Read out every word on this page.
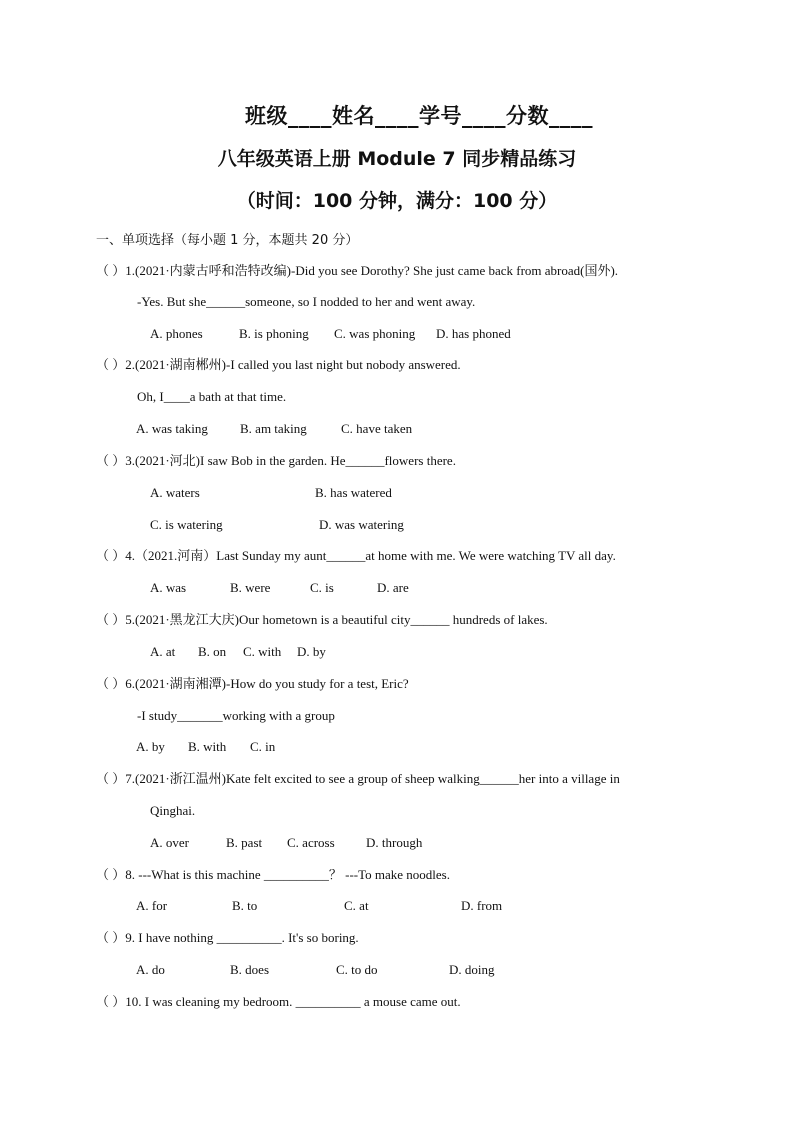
班级____姓名____学号____分数____
八年级英语上册 Module 7 同步精品练习
（时间：100 分钟，满分：100 分）
一、单项选择（每小题 1 分，本题共 20 分）
（ ）1.(2021·内蒙古呼和浩特改编)-Did you see Dorothy? She just came back from abroad(国外).
-Yes. But she______someone, so I nodded to her and went away.
A. phones	B. is phoning C. was phoning D. has phoned
（ ）2.(2021·湖南郴州)-I called you last night but nobody answered.
Oh, I____a bath at that time.
A. was taking B. am taking	C. have taken
（ ）3.(2021·河北)I saw Bob in the garden. He______flowers there.
A. waters	B. has watered
C. is watering	D. was watering
（ ）4.（2021.河南）Last Sunday my aunt______at home with me. We were watching TV all day.
A. was	B. were	C. is	D. are
（ ）5.(2021·黑龙江大庆)Our hometown is a beautiful city______ hundreds of lakes.
A. at B. on C. with D. by
（ ）6.(2021·湖南湘潭)-How do you study for a test, Eric?
-I study_______working with a group
A. by B. with C. in
（ ）7.(2021·浙江温州)Kate felt excited to see a group of sheep walking______her into a village in
Qinghai.
A. over	B. past C. across D. through
（ ）8. ---What is this machine __________？ ---To make noodles.
A. for	B. to	C. at	D. from
（ ）9. I have nothing __________. It's so boring.
A. do	B. does	C. to do	D. doing
（ ）10. I was cleaning my bedroom. __________ a mouse came out.
